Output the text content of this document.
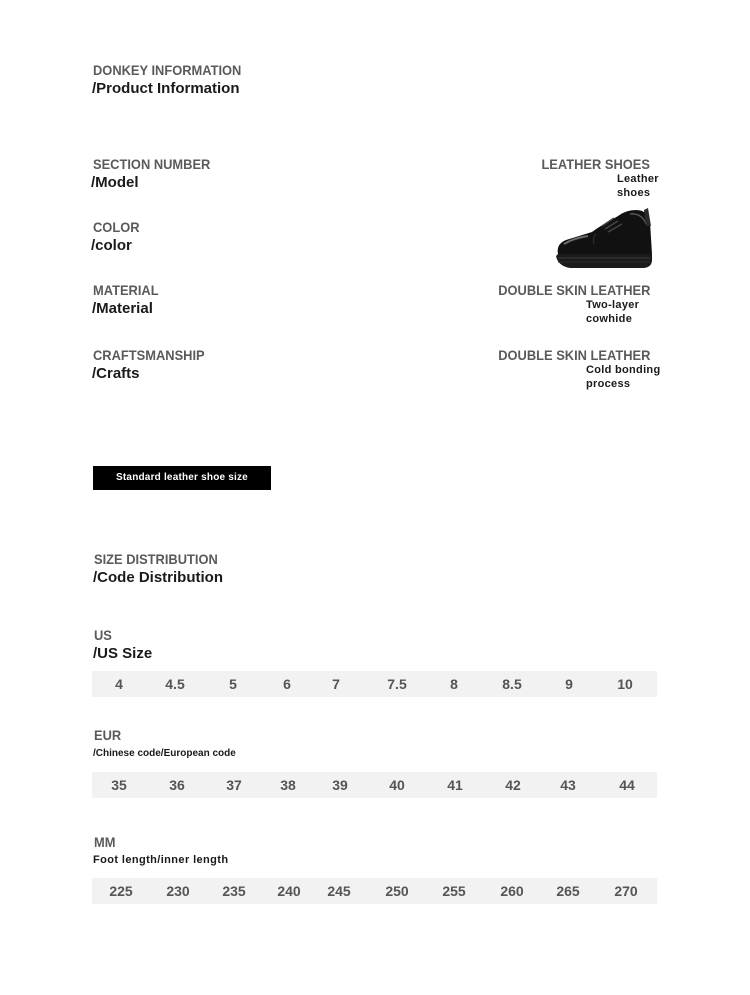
DONKEY INFORMATION
/Product Information
SECTION NUMBER
/Model
LEATHER SHOES
Leather shoes
COLOR
/color
MATERIAL
/Material
DOUBLE SKIN LEATHER
Two-layer cowhide
CRAFTSMANSHIP
/Crafts
DOUBLE SKIN LEATHER
Cold bonding process
Standard leather shoe size
SIZE DISTRIBUTION
/Code Distribution
US
/US Size
4	4.5	5	6	7	7.5	8	8.5	9	10
EUR
/Chinese code/European code
35	36	37	38	39	40	41	42	43	44
MM
Foot length/inner length
225 230 235 240 245 250 255 260 265 270
